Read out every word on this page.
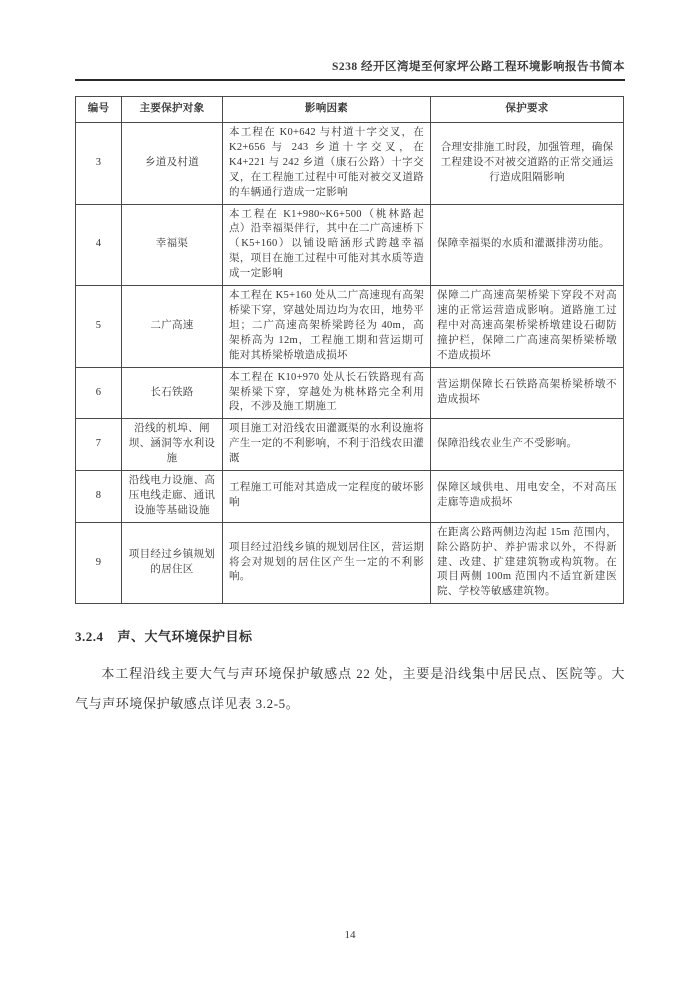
S238 经开区湾堤至何家坪公路工程环境影响报告书简本
编号	主要保护对象	影响因素	保护要求
3	乡道及村道	本工程在 K0+642 与村道十字交叉，在 K2+656 与 243 乡道十字交叉，在 K4+221 与 242 乡道（康石公路）十字交叉，在工程施工过程中可能对被交叉道路的车辆通行造成一定影响	合理安排施工时段，加强管理，确保工程建设不对被交道路的正常交通运行造成阻隔影响
4	幸福渠	本工程在 K1+980~K6+500（桃林路起点）沿幸福渠伴行，其中在二广高速桥下（K5+160）以铺设暗涵形式跨越幸福渠，项目在施工过程中可能对其水质等造成一定影响	保障幸福渠的水质和灌溉排涝功能。
5	二广高速	本工程在 K5+160 处从二广高速现有高架桥梁下穿，穿越处周边均为农田，地势平坦；二广高速高架桥梁跨径为 40m，高架桥高为 12m，工程施工期和营运期可能对其桥梁桥墩造成损坏	保障二广高速高架桥梁下穿段不对高速的正常运营造成影响。道路施工过程中对高速高架桥梁桥墩建设石砌防撞护栏，保障二广高速高架桥梁桥墩不造成损坏
6	长石铁路	本工程在 K10+970 处从长石铁路现有高架桥梁下穿，穿越处为桃林路完全利用段，不涉及施工期施工	营运期保障长石铁路高架桥梁桥墩不造成损坏
7	沿线的机埠、闸坝、涵洞等水利设施	项目施工对沿线农田灌溉渠的水利设施将产生一定的不利影响，不利于沿线农田灌溉	保障沿线农业生产不受影响。
8	沿线电力设施、高压电线走廊、通讯设施等基础设施	工程施工可能对其造成一定程度的破坏影响	保障区域供电、用电安全，不对高压走廊等造成损坏
9	项目经过乡镇规划的居住区	项目经过沿线乡镇的规划居住区，营运期将会对规划的居住区产生一定的不利影响。	在距离公路两侧边沟起 15m 范围内，除公路防护、养护需求以外，不得新建、改建、扩建建筑物或构筑物。在项目两侧 100m 范围内不适宜新建医院、学校等敏感建筑物。
3.2.4 声、大气环境保护目标
本工程沿线主要大气与声环境保护敏感点 22 处，主要是沿线集中居民点、医院等。大气与声环境保护敏感点详见表 3.2-5。
14
